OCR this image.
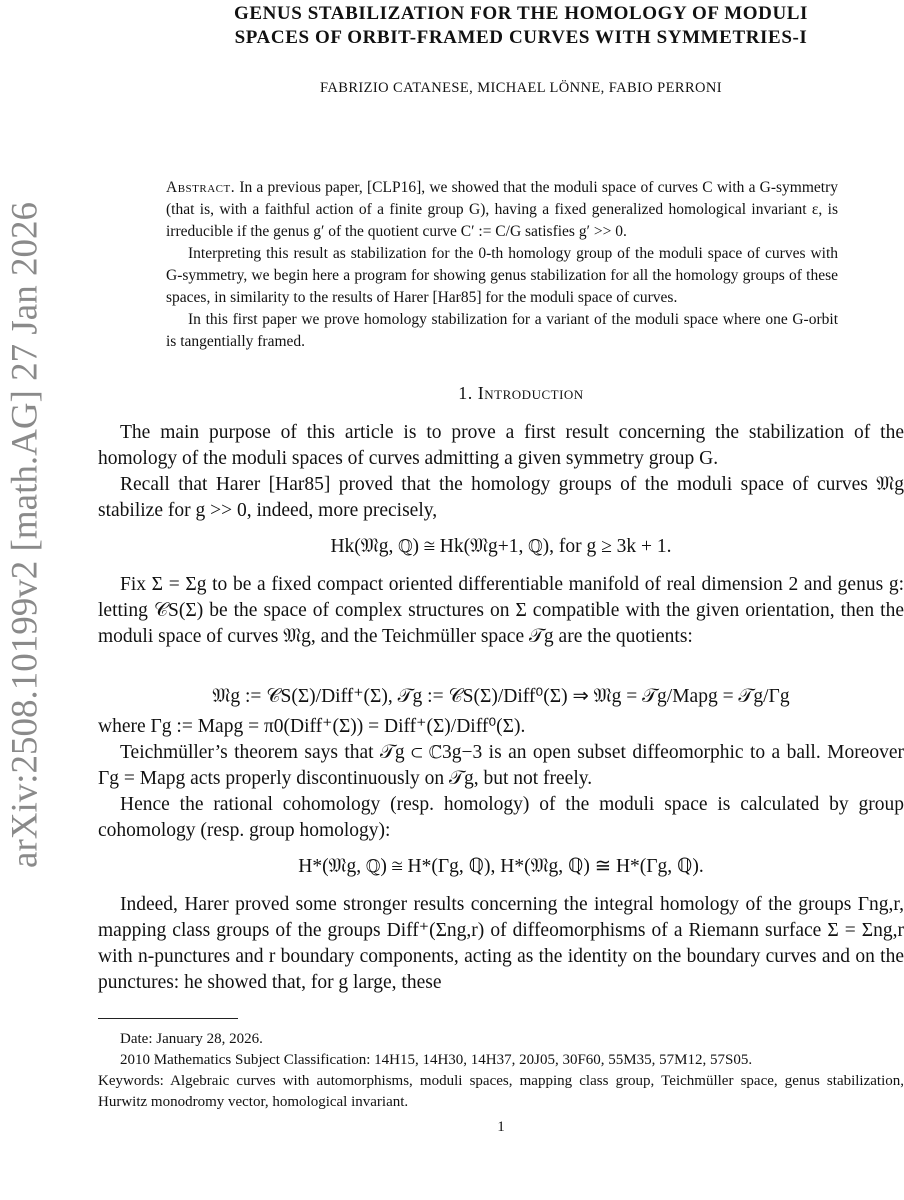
arXiv:2508.10199v2 [math.AG] 27 Jan 2026
GENUS STABILIZATION FOR THE HOMOLOGY OF MODULI
SPACES OF ORBIT-FRAMED CURVES WITH SYMMETRIES-I
FABRIZIO CATANESE, MICHAEL LÖNNE, FABIO PERRONI

Abstract. In a previous paper, [CLP16], we showed that the moduli space of curves C with a G-symmetry (that is, with a faithful action of a finite group G), having a fixed generalized homological invariant ε, is irreducible if the genus g′ of the quotient curve C′ := C/G satisfies g′ >> 0.

Interpreting this result as stabilization for the 0-th homology group of the moduli space of curves with G-symmetry, we begin here a program for showing genus stabilization for all the homology groups of these spaces, in similarity to the results of Harer [Har85] for the moduli space of curves.

In this first paper we prove homology stabilization for a variant of the moduli space where one G-orbit is tangentially framed.

1. Introduction

The main purpose of this article is to prove a first result concerning the stabilization of the homology of the moduli spaces of curves admitting a given symmetry group G.

Recall that Harer [Har85] proved that the homology groups of the moduli space of curves 𝔐g stabilize for g >> 0, indeed, more precisely,

Hk(𝔐g, ℚ) ≅ Hk(𝔐g+1, ℚ), for g ≥ 3k + 1.

Fix Σ = Σg to be a fixed compact oriented differentiable manifold of real dimension 2 and genus g: letting 𝒞S(Σ) be the space of complex structures on Σ compatible with the given orientation, then the moduli space of curves 𝔐g, and the Teichmüller space 𝒯g are the quotients:

𝔐g := 𝒞S(Σ)/Diff⁺(Σ), 𝒯g := 𝒞S(Σ)/Diff⁰(Σ) ⇒ 𝔐g = 𝒯g/Mapg = 𝒯g/Γg

where Γg := Mapg = π0(Diff⁺(Σ)) = Diff⁺(Σ)/Diff⁰(Σ).

Teichmüller’s theorem says that 𝒯g ⊂ ℂ3g−3 is an open subset diffeomorphic to a ball. Moreover Γg = Mapg acts properly discontinuously on 𝒯g, but not freely.

Hence the rational cohomology (resp. homology) of the moduli space is calculated by group cohomology (resp. group homology):

H*(𝔐g, ℚ) ≅ H*(Γg, ℚ), H*(𝔐g, ℚ) ≅ H*(Γg, ℚ).

Indeed, Harer proved some stronger results concerning the integral homology of the groups Γng,r, mapping class groups of the groups Diff⁺(Σng,r) of diffeomorphisms of a Riemann surface Σ = Σng,r with n-punctures and r boundary components, acting as the identity on the boundary curves and on the punctures: he showed that, for g large, these

Date: January 28, 2026.

2010 Mathematics Subject Classification: 14H15, 14H30, 14H37, 20J05, 30F60, 55M35, 57M12, 57S05.

Keywords: Algebraic curves with automorphisms, moduli spaces, mapping class group, Teichmüller space, genus stabilization, Hurwitz monodromy vector, homological invariant.

1
